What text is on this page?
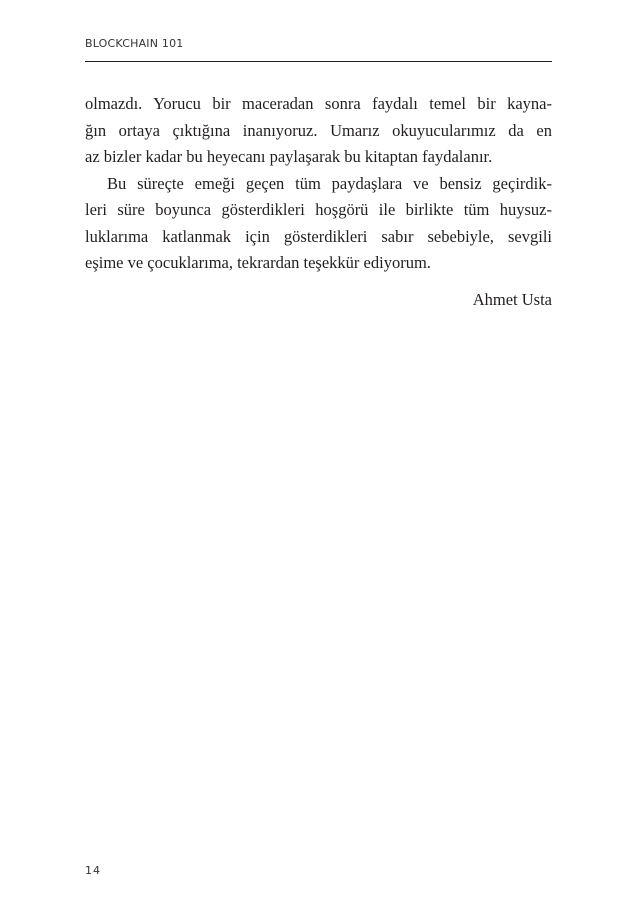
BLOCKCHAIN 101
olmazdı. Yorucu bir maceradan sonra faydalı temel bir kayna-
ğın ortaya çıktığına inanıyoruz. Umarız okuyucularımız da en
az bizler kadar bu heyecanı paylaşarak bu kitaptan faydalanır.
Bu süreçte emeği geçen tüm paydaşlara ve bensiz geçirdik-
leri süre boyunca gösterdikleri hoşgörü ile birlikte tüm huysuz-
luklarıma katlanmak için gösterdikleri sabır sebebiyle, sevgili
eşime ve çocuklarıma, tekrardan teşekkür ediyorum.
Ahmet Usta
14
